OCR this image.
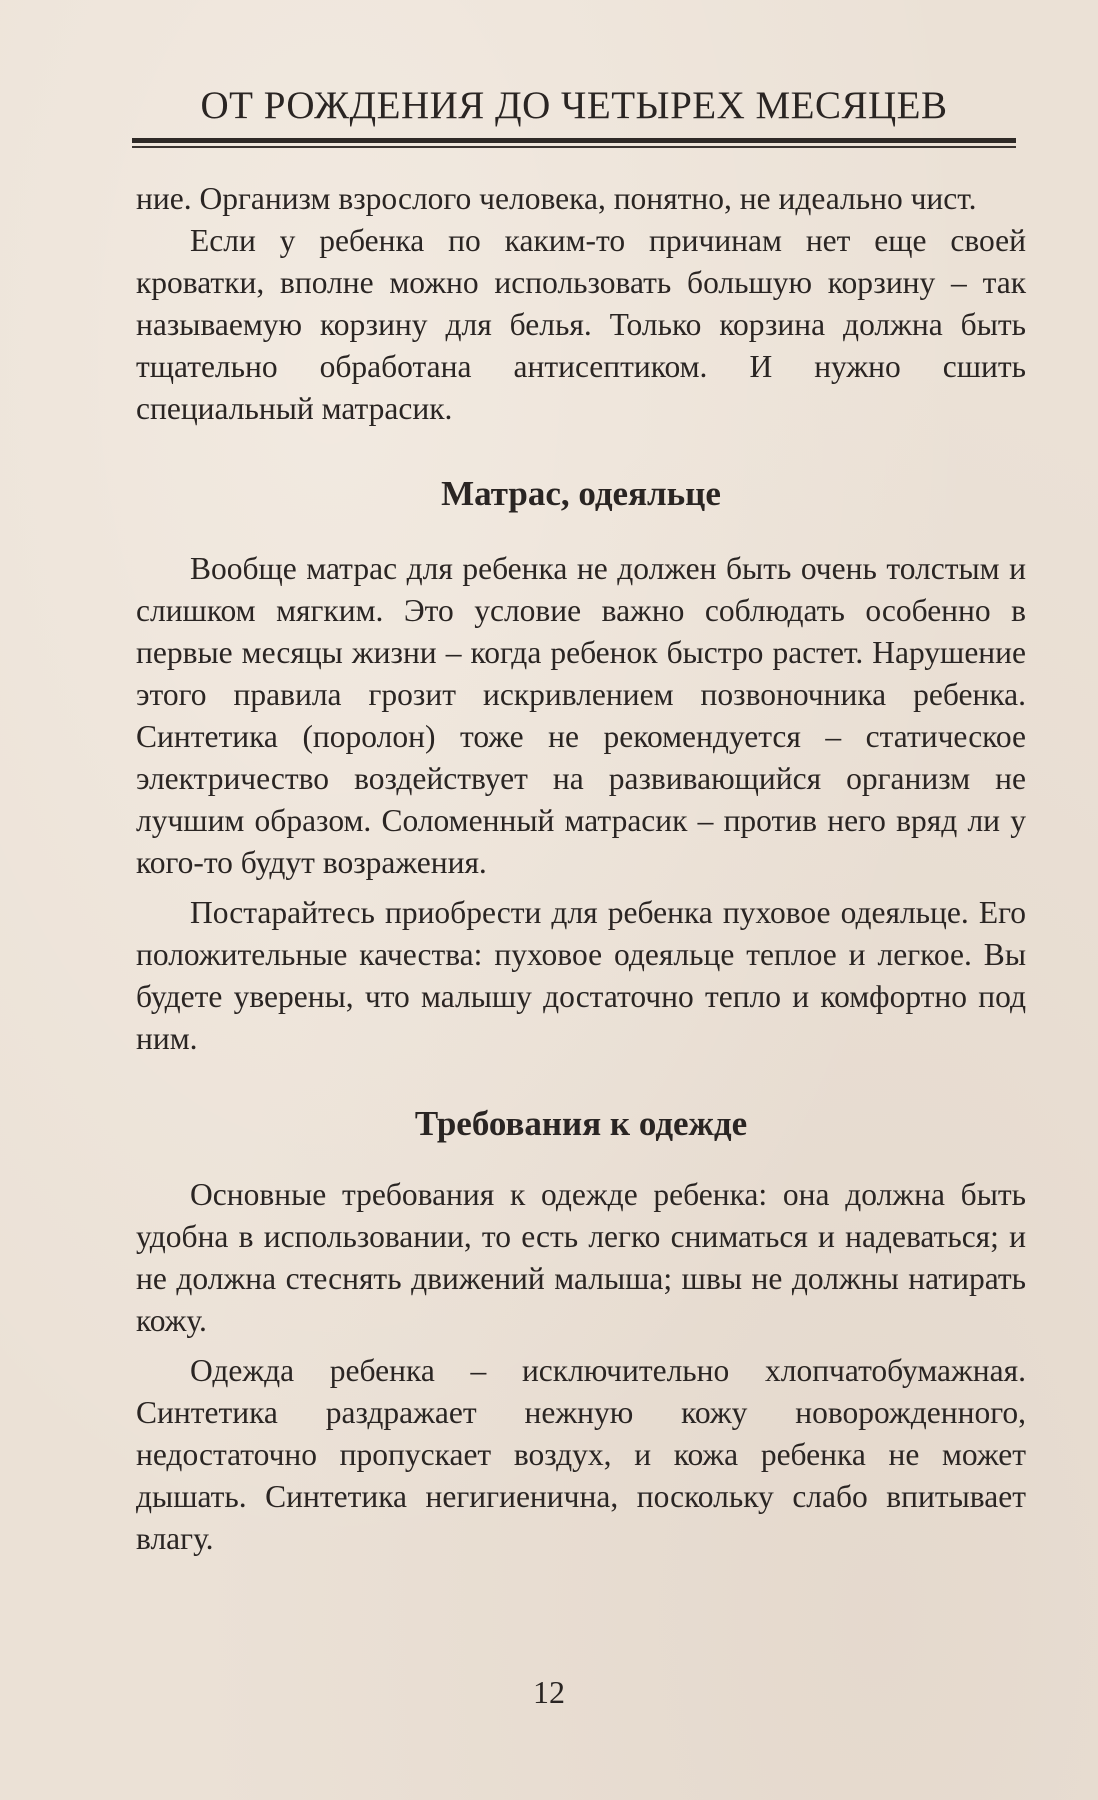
ОТ РОЖДЕНИЯ ДО ЧЕТЫРЕХ МЕСЯЦЕВ

ние. Организм взрослого человека, понятно, не идеально чист.

Если у ребенка по каким-то причинам нет еще своей кроватки, вполне можно использовать большую корзину – так называемую корзину для белья. Только корзина должна быть тщательно обработана антисептиком. И нужно сшить специальный матрасик.

Матрас, одеяльце

Вообще матрас для ребенка не должен быть очень толстым и слишком мягким. Это условие важно соблюдать особенно в первые месяцы жизни – когда ребенок быстро растет. Нарушение этого правила грозит искривлением позвоночника ребенка. Синтетика (поролон) тоже не рекомендуется – статическое электричество воздействует на развивающийся организм не лучшим образом. Соломенный матрасик – против него вряд ли у кого-то будут возражения.

Постарайтесь приобрести для ребенка пуховое одеяльце. Его положительные качества: пуховое одеяльце теплое и легкое. Вы будете уверены, что малышу достаточно тепло и комфортно под ним.

Требования к одежде

Основные требования к одежде ребенка: она должна быть удобна в использовании, то есть легко сниматься и надеваться; и не должна стеснять движений малыша; швы не должны натирать кожу.

Одежда ребенка – исключительно хлопчатобумажная. Синтетика раздражает нежную кожу новорожденного, недостаточно пропускает воздух, и кожа ребенка не может дышать. Синтетика негигиенична, поскольку слабо впитывает влагу.

12
